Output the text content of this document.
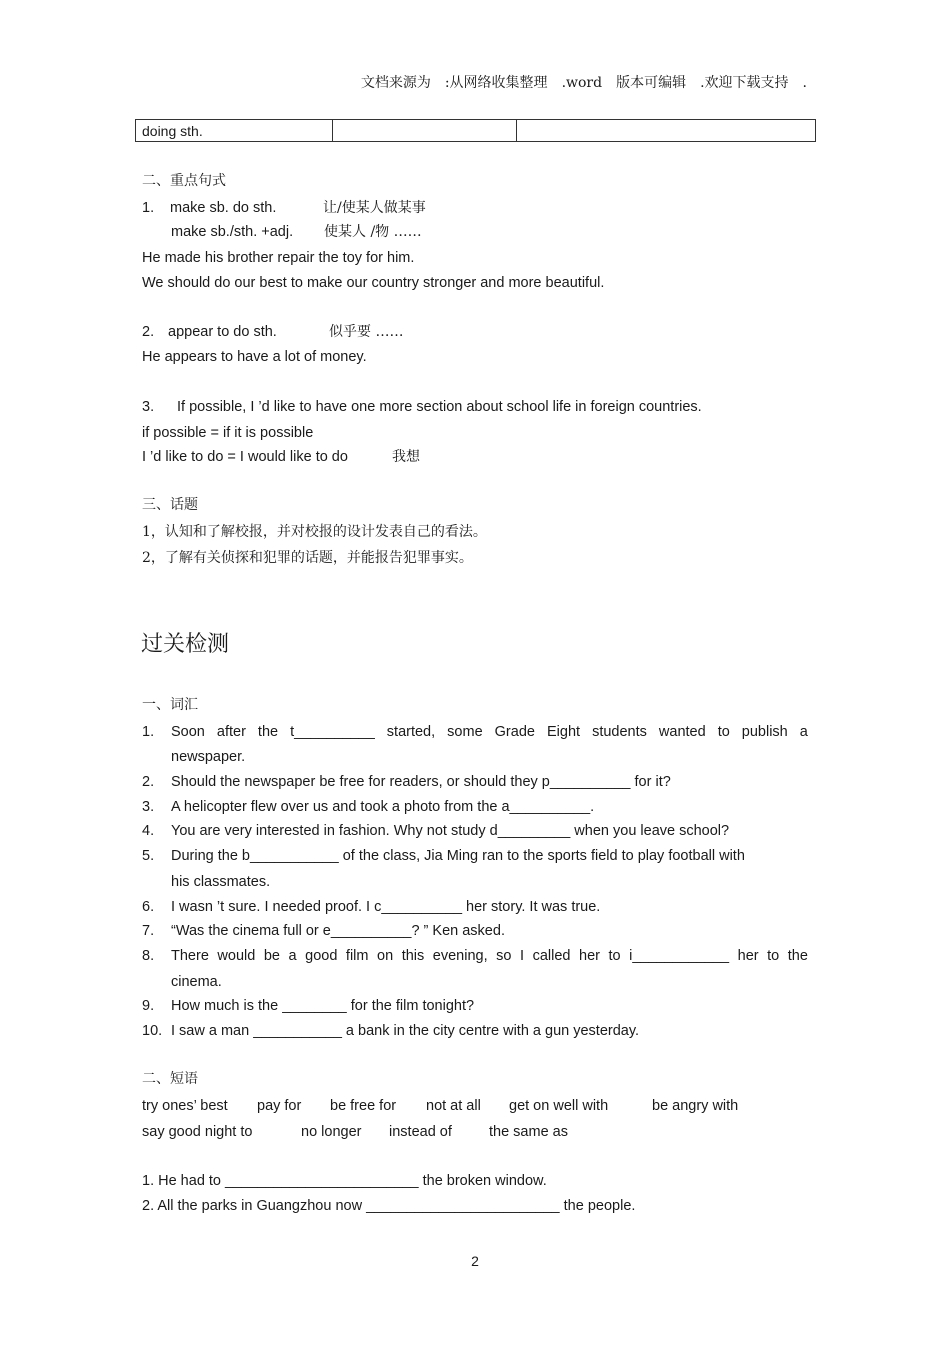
文档来源为 :从网络收集整理 .word 版本可编辑 .欢迎下载支持 .
doing sth.		
二、重点句式
1. make sb. do sth.	让/使某人做某事
make sb./sth. +adj. 使某人 /物 ……
He made his brother repair the toy for him.
We should do our best to make our country stronger and more beautiful.
2. appear to do sth.	似乎要 ……
He appears to have a lot of money.
3. If possible, I ’d like to have one more section about school life in foreign countries.
if possible = if it is possible
I ’d like to do = I would like to do	我想
三、话题
1，认知和了解校报，并对校报的设计发表自己的看法。
2，了解有关侦探和犯罪的话题，并能报告犯罪事实。
过关检测
一、词汇
1. Soon after the t__________ started, some Grade Eight students wanted to publish a
newspaper.
2. Should the newspaper be free for readers, or should they p__________ for it?
3. A helicopter flew over us and took a photo from the a__________.
4. You are very interested in fashion. Why not study d_________ when you leave school?
5. During the b___________ of the class, Jia Ming ran to the sports field to play football with
his classmates.
6. I wasn ’t sure. I needed proof. I c__________ her story. It was true.
7. “Was the cinema full or e__________? ” Ken asked.
8. There would be a good film on this evening, so I called her to i____________ her to the
cinema.
9. How much is the ________ for the film tonight?
10. I saw a man ___________ a bank in the city centre with a gun yesterday.
二、短语
try ones’ best pay for be free for not at all get on well with	be angry with
say good night to	no longer instead of	the same as
1. He had to ________________________ the broken window.
2. All the parks in Guangzhou now ________________________ the people.
2
